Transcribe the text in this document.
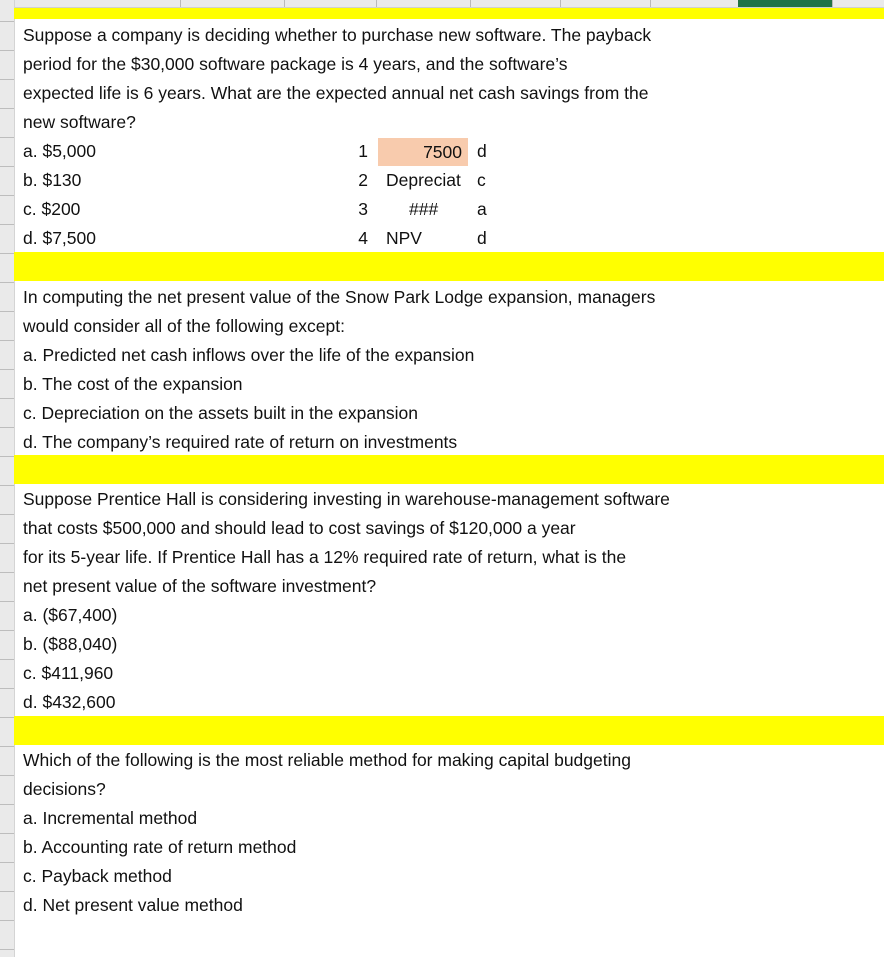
Suppose a company is deciding whether to purchase new software. The payback
period for the $30,000 software package is 4 years, and the software’s
expected life is 6 years. What are the expected annual net cash savings from the
new software?
a. $5,000
b. $130
c. $200
d. $7,500
1
2
3
4
7500
Depreciat
###
NPV
d
c
a
d
In computing the net present value of the Snow Park Lodge expansion, managers
would consider all of the following except:
a. Predicted net cash inflows over the life of the expansion
b. The cost of the expansion
c. Depreciation on the assets built in the expansion
d. The company’s required rate of return on investments
Suppose Prentice Hall is considering investing in warehouse-management software
that costs $500,000 and should lead to cost savings of $120,000 a year
for its 5-year life. If Prentice Hall has a 12% required rate of return, what is the
net present value of the software investment?
a. ($67,400)
b. ($88,040)
c. $411,960
d. $432,600
Which of the following is the most reliable method for making capital budgeting
decisions?
a. Incremental method
b. Accounting rate of return method
c. Payback method
d. Net present value method
